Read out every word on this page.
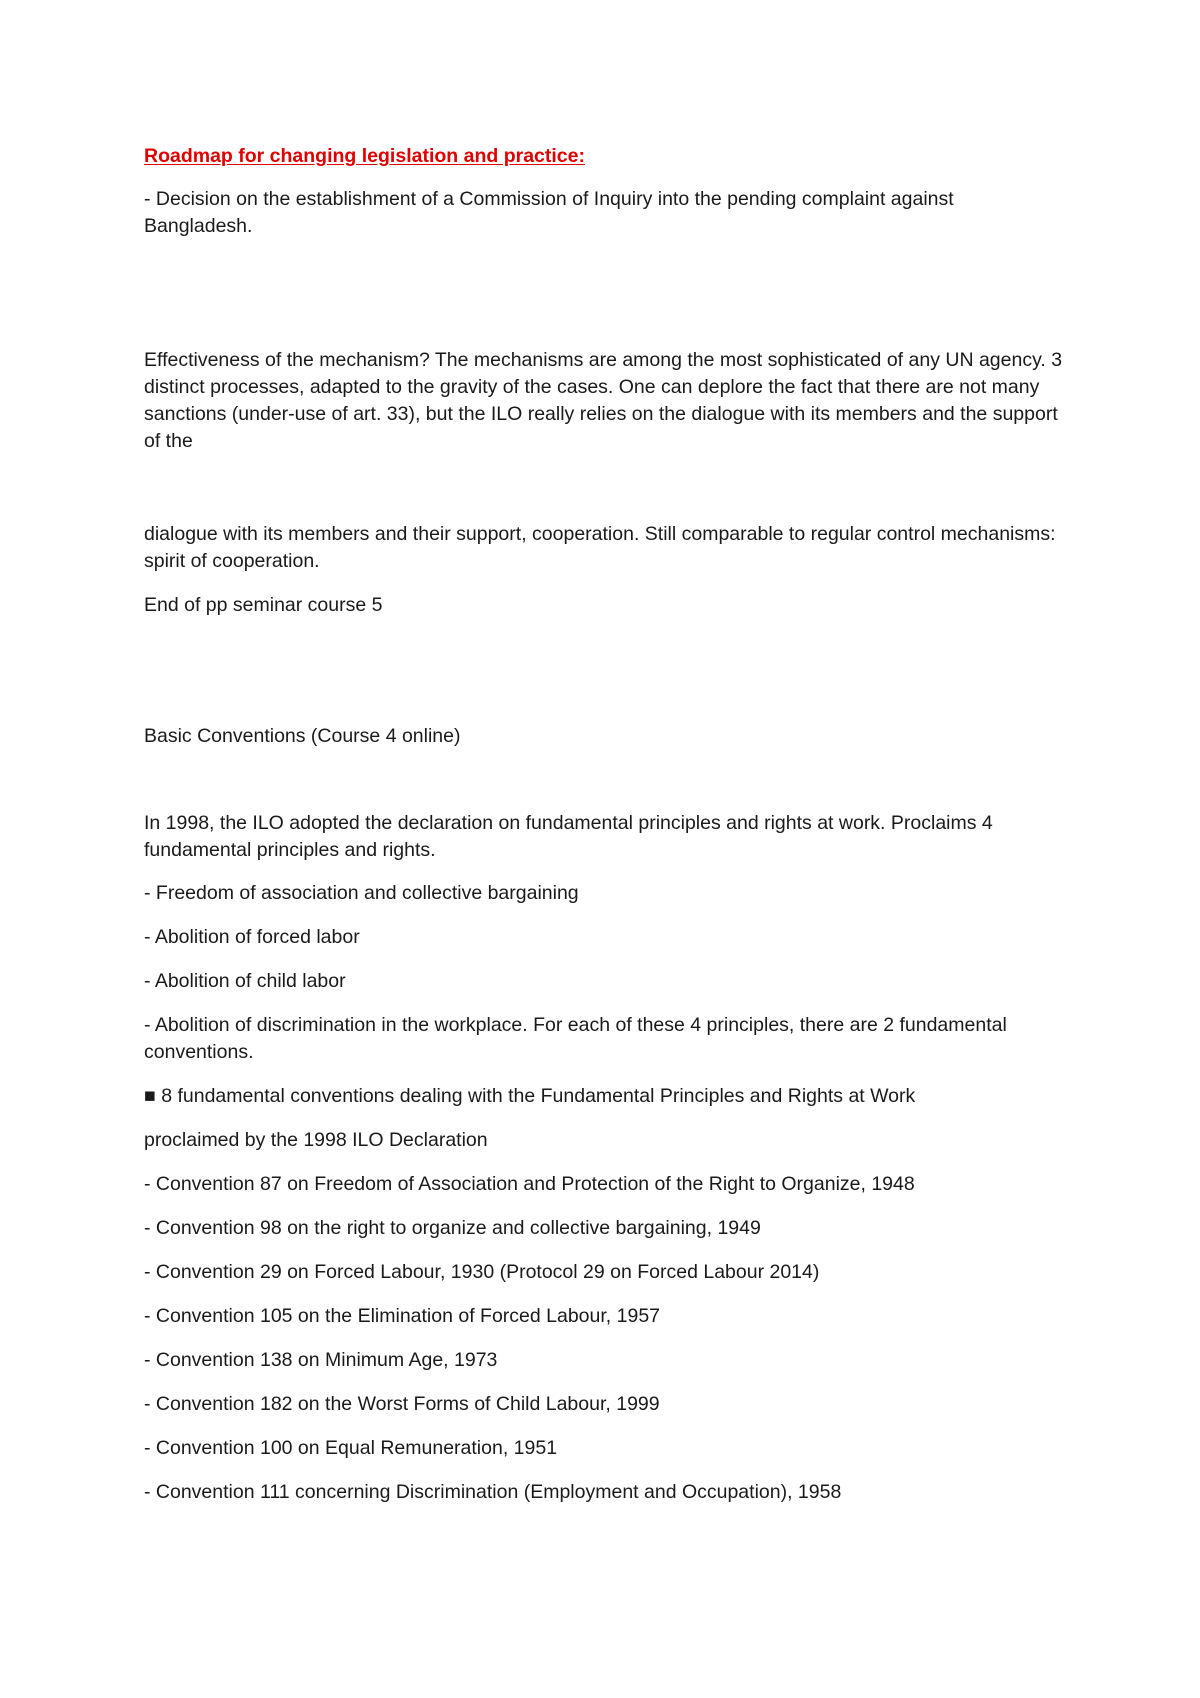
Roadmap for changing legislation and practice:

- Decision on the establishment of a Commission of Inquiry into the pending complaint against Bangladesh.

Effectiveness of the mechanism? The mechanisms are among the most sophisticated of any UN agency. 3 distinct processes, adapted to the gravity of the cases. One can deplore the fact that there are not many sanctions (under-use of art. 33), but the ILO really relies on the dialogue with its members and the support of the

dialogue with its members and their support, cooperation. Still comparable to regular control mechanisms: spirit of cooperation.

End of pp seminar course 5

Basic Conventions (Course 4 online)

In 1998, the ILO adopted the declaration on fundamental principles and rights at work. Proclaims 4 fundamental principles and rights.

- Freedom of association and collective bargaining

- Abolition of forced labor

- Abolition of child labor

- Abolition of discrimination in the workplace. For each of these 4 principles, there are 2 fundamental conventions.

■ 8 fundamental conventions dealing with the Fundamental Principles and Rights at Work

proclaimed by the 1998 ILO Declaration

- Convention 87 on Freedom of Association and Protection of the Right to Organize, 1948

- Convention 98 on the right to organize and collective bargaining, 1949

- Convention 29 on Forced Labour, 1930 (Protocol 29 on Forced Labour 2014)

- Convention 105 on the Elimination of Forced Labour, 1957

- Convention 138 on Minimum Age, 1973

- Convention 182 on the Worst Forms of Child Labour, 1999

- Convention 100 on Equal Remuneration, 1951

- Convention 111 concerning Discrimination (Employment and Occupation), 1958
